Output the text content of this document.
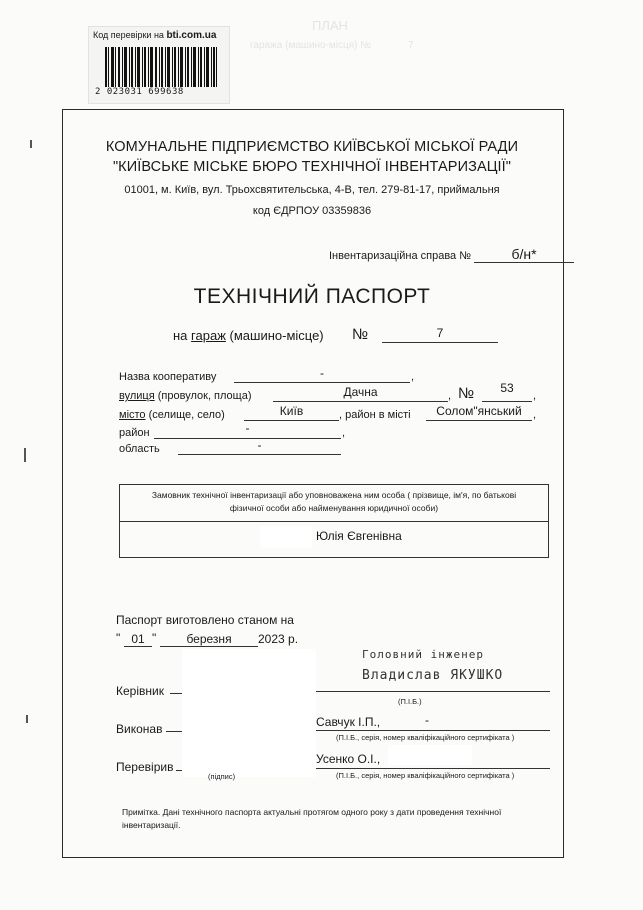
ПЛАН
гаража (машино-місця) №	7
Код перевірки на bti.com.ua
2 023031 699638
КОМУНАЛЬНЕ ПІДПРИЄМСТВО КИЇВСЬКОЇ МІСЬКОЇ РАДИ
"КИЇВСЬКЕ МІСЬКЕ БЮРО ТЕХНІЧНОЇ ІНВЕНТАРИЗАЦІЇ"
01001, м. Київ, вул. Трьохсвятительська, 4-В, тел. 279-81-17, приймальня
код ЄДРПОУ 03359836
Інвентаризаційна справа №	б/н*
ТЕХНІЧНИЙ ПАСПОРТ
на гараж (машино-місце) №	7
Назва кооперативу	-	,
вулиця (провулок, площа)	Дачна	, №	53
,
місто (селище, село)	Київ	, район в місті	Солом"янський	,
район	-	,
область	-
Замовник технічної інвентаризації або уповноважена ним особа ( прізвище, ім'я, по батькові
фізичної особи або найменування юридичної особи)
Юлія Євгенівна
Паспорт виготовлено станом на
" 01 "	березня	2023 р.
Головний інженер
Владислав ЯКУШКО
Керівник
(П.І.Б.)
Виконав	Савчук І.П.,	-
(П.І.Б., серія, номер кваліфікаційного сертифіката )
Перевірив
(підпис)
Усенко О.І.,
(П.І.Б., серія, номер кваліфікаційного сертифіката )
Примітка. Дані технічного паспорта актуальні протягом одного року з дати проведення технічної
інвентаризації.
